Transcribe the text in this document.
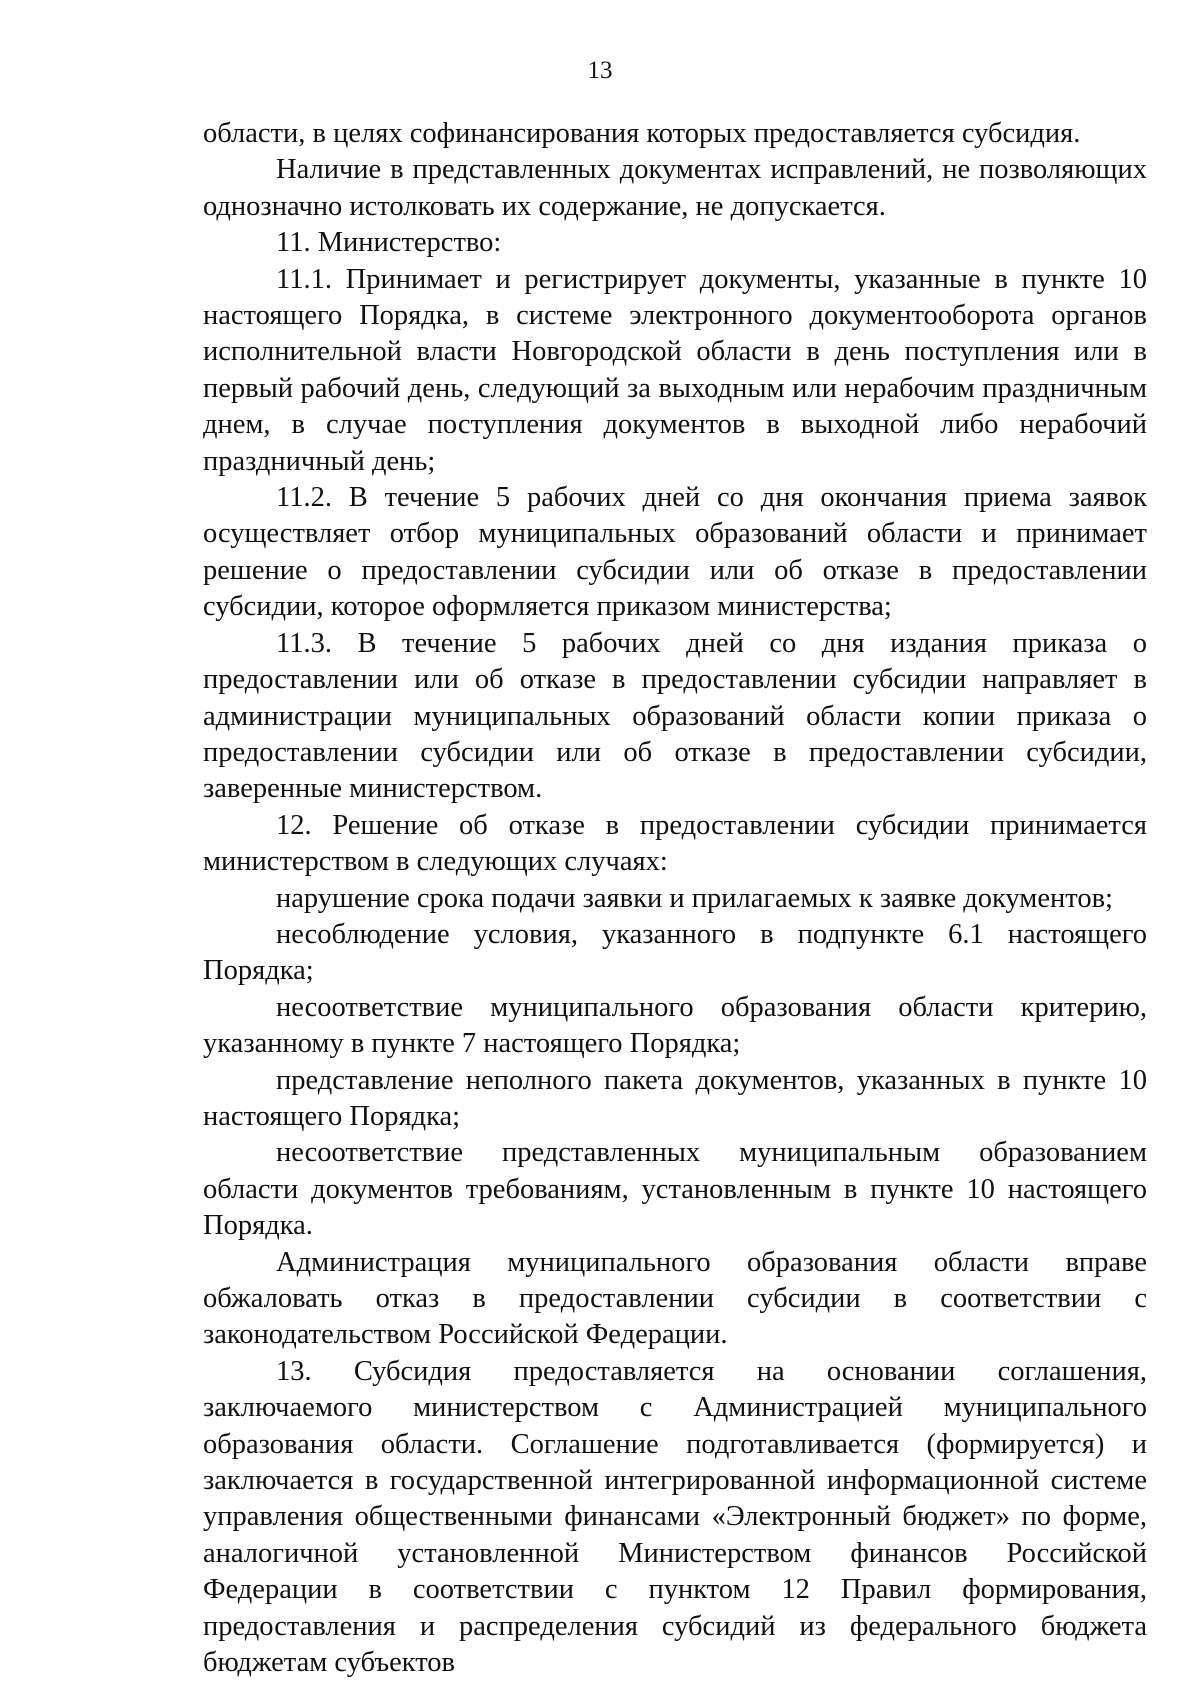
13

области, в целях софинансирования которых предоставляется субсидия.

Наличие в представленных документах исправлений, не позволяющих однозначно истолковать их содержание, не допускается.

11. Министерство:

11.1. Принимает и регистрирует документы, указанные в пункте 10 настоящего Порядка, в системе электронного документооборота органов исполнительной власти Новгородской области в день поступления или в первый рабочий день, следующий за выходным или нерабочим праздничным днем, в случае поступления документов в выходной либо нерабочий праздничный день;

11.2. В течение 5 рабочих дней со дня окончания приема заявок осуществляет отбор муниципальных образований области и принимает решение о предоставлении субсидии или об отказе в предоставлении субсидии, которое оформляется приказом министерства;

11.3. В течение 5 рабочих дней со дня издания приказа о предоставлении или об отказе в предоставлении субсидии направляет в администрации муниципальных образований области копии приказа о предоставлении субсидии или об отказе в предоставлении субсидии, заверенные министерством.

12. Решение об отказе в предоставлении субсидии принимается министерством в следующих случаях:

нарушение срока подачи заявки и прилагаемых к заявке документов;

несоблюдение условия, указанного в подпункте 6.1 настоящего Порядка;

несоответствие муниципального образования области критерию, указанному в пункте 7 настоящего Порядка;

представление неполного пакета документов, указанных в пункте 10 настоящего Порядка;

несоответствие представленных муниципальным образованием области документов требованиям, установленным в пункте 10 настоящего Порядка.

Администрация муниципального образования области вправе обжаловать отказ в предоставлении субсидии в соответствии с законодательством Российской Федерации.

13. Субсидия предоставляется на основании соглашения, заключаемого министерством с Администрацией муниципального образования области. Соглашение подготавливается (формируется) и заключается в государственной интегрированной информационной системе управления общественными финансами «Электронный бюджет» по форме, аналогичной установленной Министерством финансов Российской Федерации в соответствии с пунктом 12 Правил формирования, предоставления и распределения субсидий из федерального бюджета бюджетам субъектов
